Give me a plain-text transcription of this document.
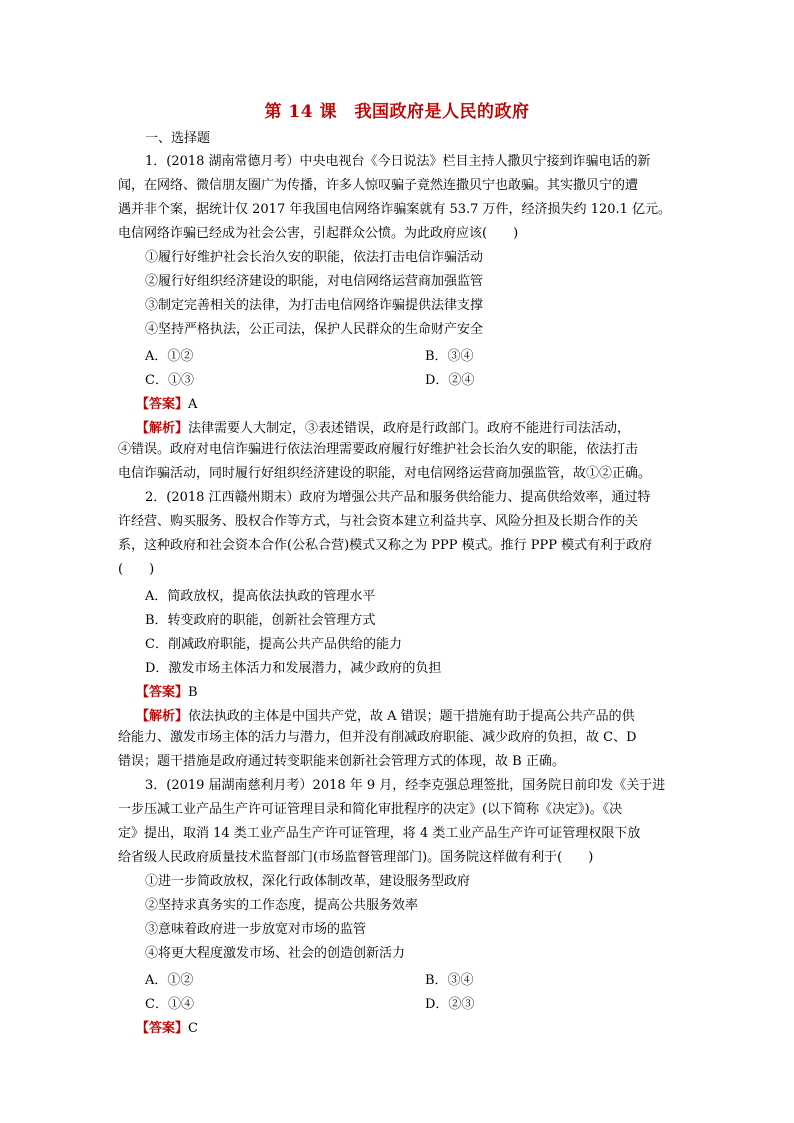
第 14 课　我国政府是人民的政府
一、选择题
1．(2018 湖南常德月考）中央电视台《今日说法》栏目主持人撒贝宁接到诈骗电话的新
闻，在网络、微信朋友圈广为传播，许多人惊叹骗子竟然连撒贝宁也敢骗。其实撒贝宁的遭
遇并非个案，据统计仅 2017 年我国电信网络诈骗案就有 53.7 万件，经济损失约 120.1 亿元。
电信网络诈骗已经成为社会公害，引起群众公愤。为此政府应该(　　)
①履行好维护社会长治久安的职能，依法打击电信诈骗活动
②履行好组织经济建设的职能，对电信网络运营商加强监管
③制定完善相关的法律，为打击电信网络诈骗提供法律支撑
④坚持严格执法，公正司法，保护人民群众的生命财产安全
A．①②	B．③④
C．①③	D．②④
【答案】A
【解析】法律需要人大制定，③表述错误，政府是行政部门。政府不能进行司法活动，
④错误。政府对电信诈骗进行依法治理需要政府履行好维护社会长治久安的职能，依法打击
电信诈骗活动，同时履行好组织经济建设的职能，对电信网络运营商加强监管，故①②正确。
2．(2018 江西赣州期末）政府为增强公共产品和服务供给能力、提高供给效率，通过特
许经营、购买服务、股权合作等方式，与社会资本建立利益共享、风险分担及长期合作的关
系，这种政府和社会资本合作(公私合营)模式又称之为 PPP 模式。推行 PPP 模式有利于政府
(　　)
A．简政放权，提高依法执政的管理水平
B．转变政府的职能，创新社会管理方式
C．削减政府职能，提高公共产品供给的能力
D．激发市场主体活力和发展潜力，减少政府的负担
【答案】B
【解析】依法执政的主体是中国共产党，故 A 错误；题干措施有助于提高公共产品的供
给能力、激发市场主体的活力与潜力，但并没有削减政府职能、减少政府的负担，故 C、D
错误；题干措施是政府通过转变职能来创新社会管理方式的体现，故 B 正确。
3．(2019 届湖南慈利月考）2018 年 9 月，经李克强总理签批，国务院日前印发《关于进
一步压减工业产品生产许可证管理目录和简化审批程序的决定》(以下简称《决定》)。《决
定》提出，取消 14 类工业产品生产许可证管理，将 4 类工业产品生产许可证管理权限下放
给省级人民政府质量技术监督部门(市场监督管理部门)。国务院这样做有利于(　　)
①进一步简政放权，深化行政体制改革，建设服务型政府
②坚持求真务实的工作态度，提高公共服务效率
③意味着政府进一步放宽对市场的监管
④将更大程度激发市场、社会的创造创新活力
A．①②	B．③④
C．①④	D．②③
【答案】C
